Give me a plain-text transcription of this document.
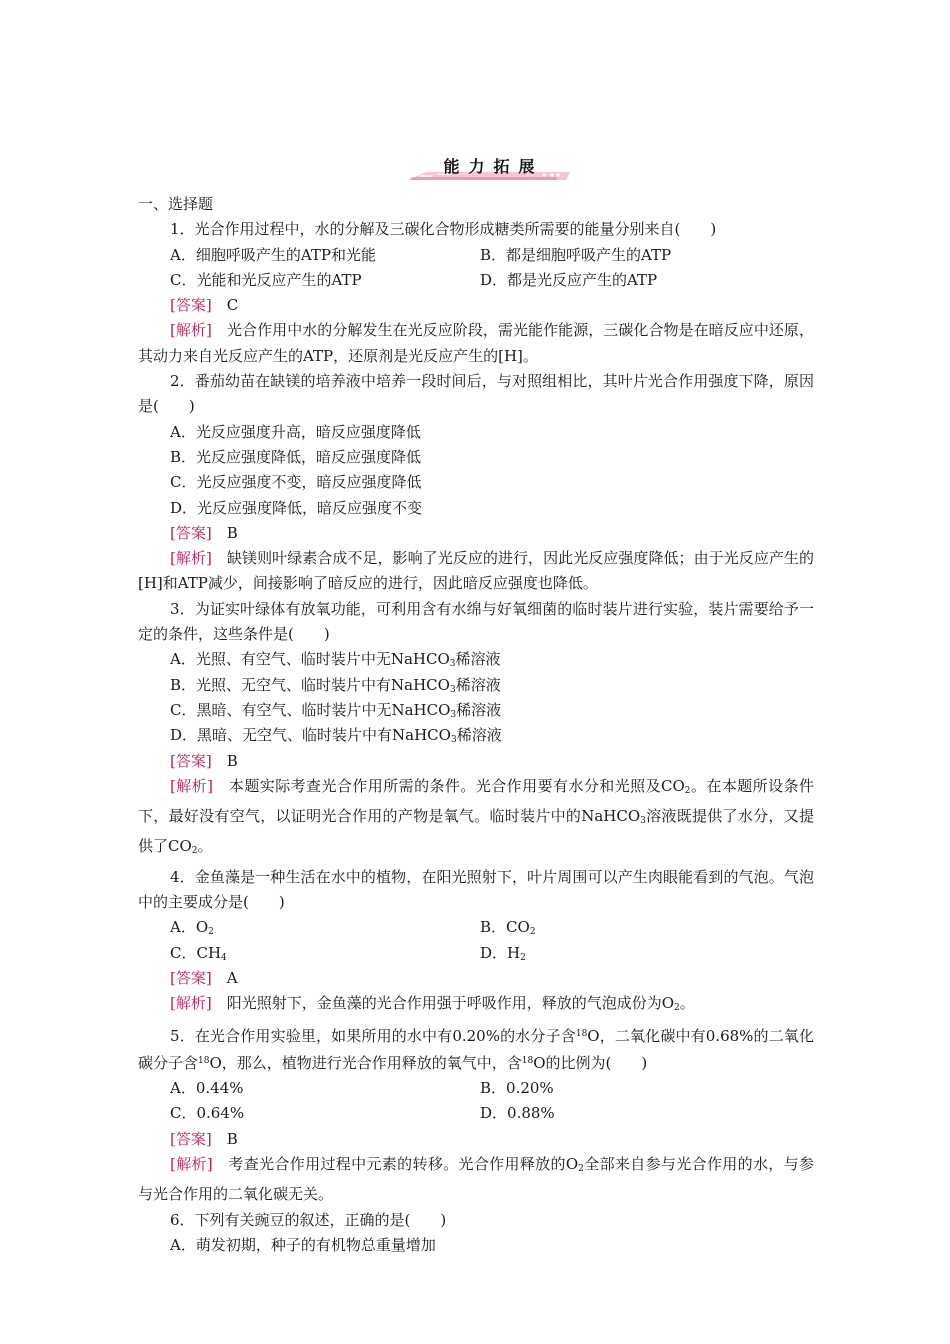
能力拓展
一、选择题
1．光合作用过程中，水的分解及三碳化合物形成糖类所需要的能量分别来自(　　)
A．细胞呼吸产生的ATP和光能	B．都是细胞呼吸产生的ATP
C．光能和光反应产生的ATP	D．都是光反应产生的ATP
[答案]　 C
[解析]　 光合作用中水的分解发生在光反应阶段，需光能作能源，三碳化合物是在暗反应中还原，其动力来自光反应产生的ATP，还原剂是光反应产生的[H]。
2．番茄幼苗在缺镁的培养液中培养一段时间后，与对照组相比，其叶片光合作用强度下降，原因是(　　)
A．光反应强度升高，暗反应强度降低
B．光反应强度降低，暗反应强度降低
C．光反应强度不变，暗反应强度降低
D．光反应强度降低，暗反应强度不变
[答案]　 B
[解析]　 缺镁则叶绿素合成不足，影响了光反应的进行，因此光反应强度降低；由于光反应产生的[H]和ATP减少，间接影响了暗反应的进行，因此暗反应强度也降低。
3．为证实叶绿体有放氧功能，可利用含有水绵与好氧细菌的临时装片进行实验，装片需要给予一定的条件，这些条件是(　　)
A．光照、有空气、临时装片中无NaHCO$_3$稀溶液
B．光照、无空气、临时装片中有NaHCO$_3$稀溶液
C．黑暗、有空气、临时装片中无NaHCO$_3$稀溶液
D．黑暗、无空气、临时装片中有NaHCO$_3$稀溶液
[答案]　 B
[解析]　 本题实际考查光合作用所需的条件。光合作用要有水分和光照及$CO_2$。在本题所设条件下，最好没有空气，以证明光合作用的产物是氧气。临时装片中的NaHCO$_3$溶液既提供了水分，又提供了$CO_2$。
4．金鱼藻是一种生活在水中的植物，在阳光照射下，叶片周围可以产生肉眼能看到的气泡。气泡中的主要成分是(　　)
A．$O_2$	B．$CO_2$
C．$CH_4$	D．$H_2$
[答案]　 A
[解析]　 阳光照射下，金鱼藻的光合作用强于呼吸作用，释放的气泡成份为$O_2$。
5．在光合作用实验里，如果所用的水中有0.20%的水分子含$^{18}$O，二氧化碳中有0.68%的二氧化碳分子含$^{18}$O，那么，植物进行光合作用释放的氧气中，含$^{18}$O的比例为(　　)
A．0.44%	B．0.20%
C．0.64%	D．0.88%
[答案]　 B
[解析]　 考查光合作用过程中元素的转移。光合作用释放的$O_2$全部来自参与光合作用的水，与参与光合作用的二氧化碳无关。
6．下列有关豌豆的叙述，正确的是(　　)
A．萌发初期，种子的有机物总重量增加
